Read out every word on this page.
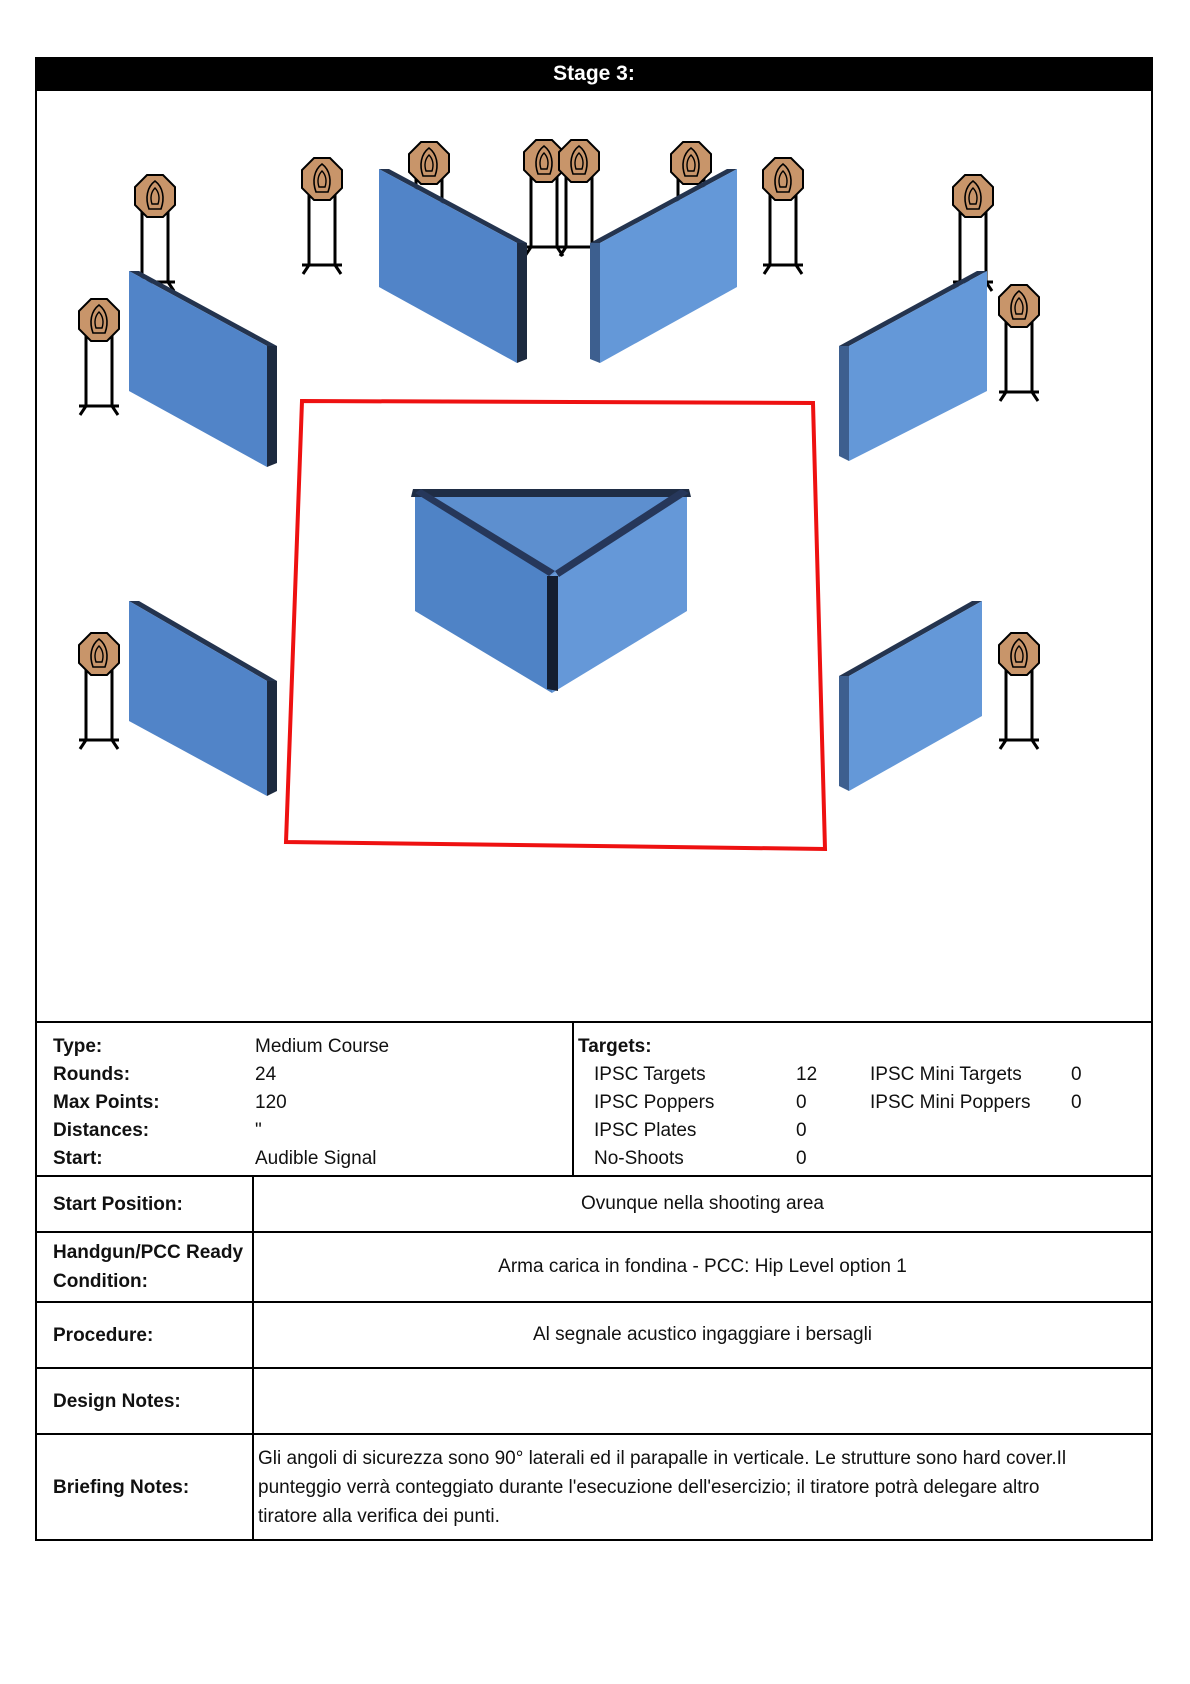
Stage 3:
Type:	Medium Course
Rounds:	24
Max Points:	120
Distances:	"
Start:	Audible Signal
Targets:
IPSC Targets	12	IPSC Mini Targets	0
IPSC Poppers	0	IPSC Mini Poppers	0
IPSC Plates	0
No-Shoots	0
Start Position:	Ovunque nella shooting area
Handgun/PCC Ready
Condition:
Arma carica in fondina - PCC: Hip Level option 1
Procedure:	Al segnale acustico ingaggiare i bersagli
Design Notes:
Briefing Notes:
Gli angoli di sicurezza sono 90° laterali ed il parapalle in verticale. Le strutture sono hard cover.Il
punteggio verrà conteggiato durante l'esecuzione dell'esercizio; il tiratore potrà delegare altro
tiratore alla verifica dei punti.
